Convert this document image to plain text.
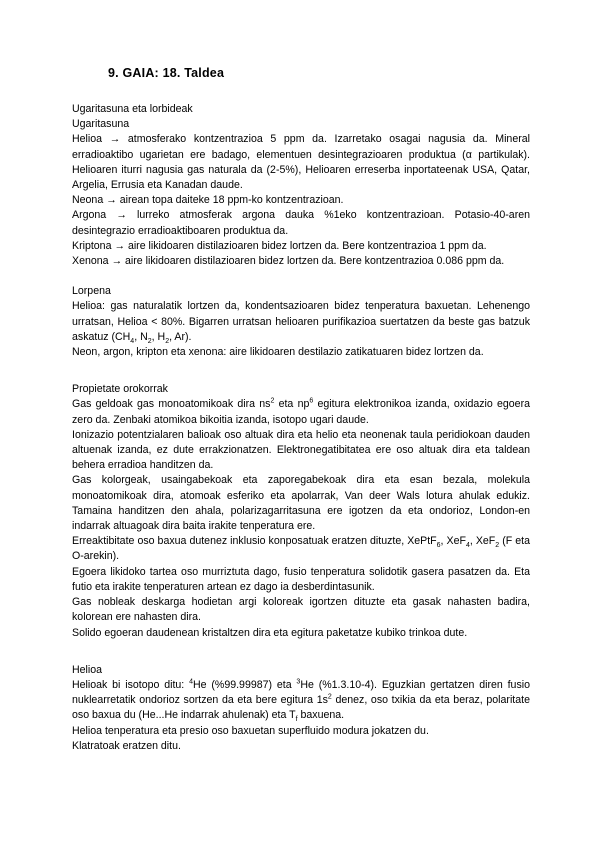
9. GAIA: 18. Taldea

Ugaritasuna eta lorbideak

Ugaritasuna

Helioa → atmosferako kontzentrazioa 5 ppm da. Izarretako osagai nagusia da. Mineral erradioaktibo ugarietan ere badago, elementuen desintegrazioaren produktua (α partikulak). Helioaren iturri nagusia gas naturala da (2-5%), Helioaren erreserba inportateenak USA, Qatar, Argelia, Errusia eta Kanadan daude.

Neona → airean topa daiteke 18 ppm-ko kontzentrazioan.

Argona → lurreko atmosferak argona dauka %1eko kontzentrazioan. Potasio-40-aren desintegrazio erradioaktiboaren produktua da.

Kriptona → aire likidoaren distilazioaren bidez lortzen da. Bere kontzentrazioa 1 ppm da.

Xenona → aire likidoaren distilazioaren bidez lortzen da. Bere kontzentrazioa 0.086 ppm da.

Lorpena

Helioa: gas naturalatik lortzen da, kondentsazioaren bidez tenperatura baxuetan. Lehenengo urratsan, Helioa < 80%. Bigarren urratsan helioaren purifikazioa suertatzen da beste gas batzuk askatuz ($CH_4$, $N_2$, $H_2$, Ar).

Neon, argon, kripton eta xenona: aire likidoaren destilazio zatikatuaren bidez lortzen da.

Propietate orokorrak

Gas geldoak gas monoatomikoak dira $ns^2$ eta $np^6$ egitura elektronikoa izanda, oxidazio egoera zero da. Zenbaki atomikoa bikoitia izanda, isotopo ugari daude.

Ionizazio potentzialaren balioak oso altuak dira eta helio eta neonenak taula peridiokoan dauden altuenak izanda, ez dute errakzionatzen. Elektronegatibitatea ere oso altuak dira eta taldean behera erradioa handitzen da.

Gas kolorgeak, usaingabekoak eta zaporegabekoak dira eta esan bezala, molekula monoatomikoak dira, atomoak esferiko eta apolarrak, Van deer Wals lotura ahulak edukiz. Tamaina handitzen den ahala, polarizagarritasuna ere igotzen da eta ondorioz, London-en indarrak altuagoak dira baita irakite tenperatura ere.

Erreaktibitate oso baxua dutenez inklusio konposatuak eratzen dituzte, XePtF$_6$, XeF$_4$, XeF$_2$ (F eta O-arekin).

Egoera likidoko tartea oso murriztuta dago, fusio tenperatura solidotik gasera pasatzen da. Eta futio eta irakite tenperaturen artean ez dago ia desberdintasunik.

Gas nobleak deskarga hodietan argi koloreak igortzen dituzte eta gasak nahasten badira, kolorean ere nahasten dira.

Solido egoeran daudenean kristaltzen dira eta egitura paketatze kubiko trinkoa dute.

Helioa

Helioak bi isotopo ditu: $^4$He (%99.99987) eta $^3$He (%1.3.10-4). Eguzkian gertatzen diren fusio nuklearretatik ondorioz sortzen da eta bere egitura $1s^2$ denez, oso txikia da eta beraz, polaritate oso baxua du (He...He indarrak ahulenak) eta $T_f$ baxuena.

Helioa tenperatura eta presio oso baxuetan superfluido modura jokatzen du.

Klatratoak eratzen ditu.
